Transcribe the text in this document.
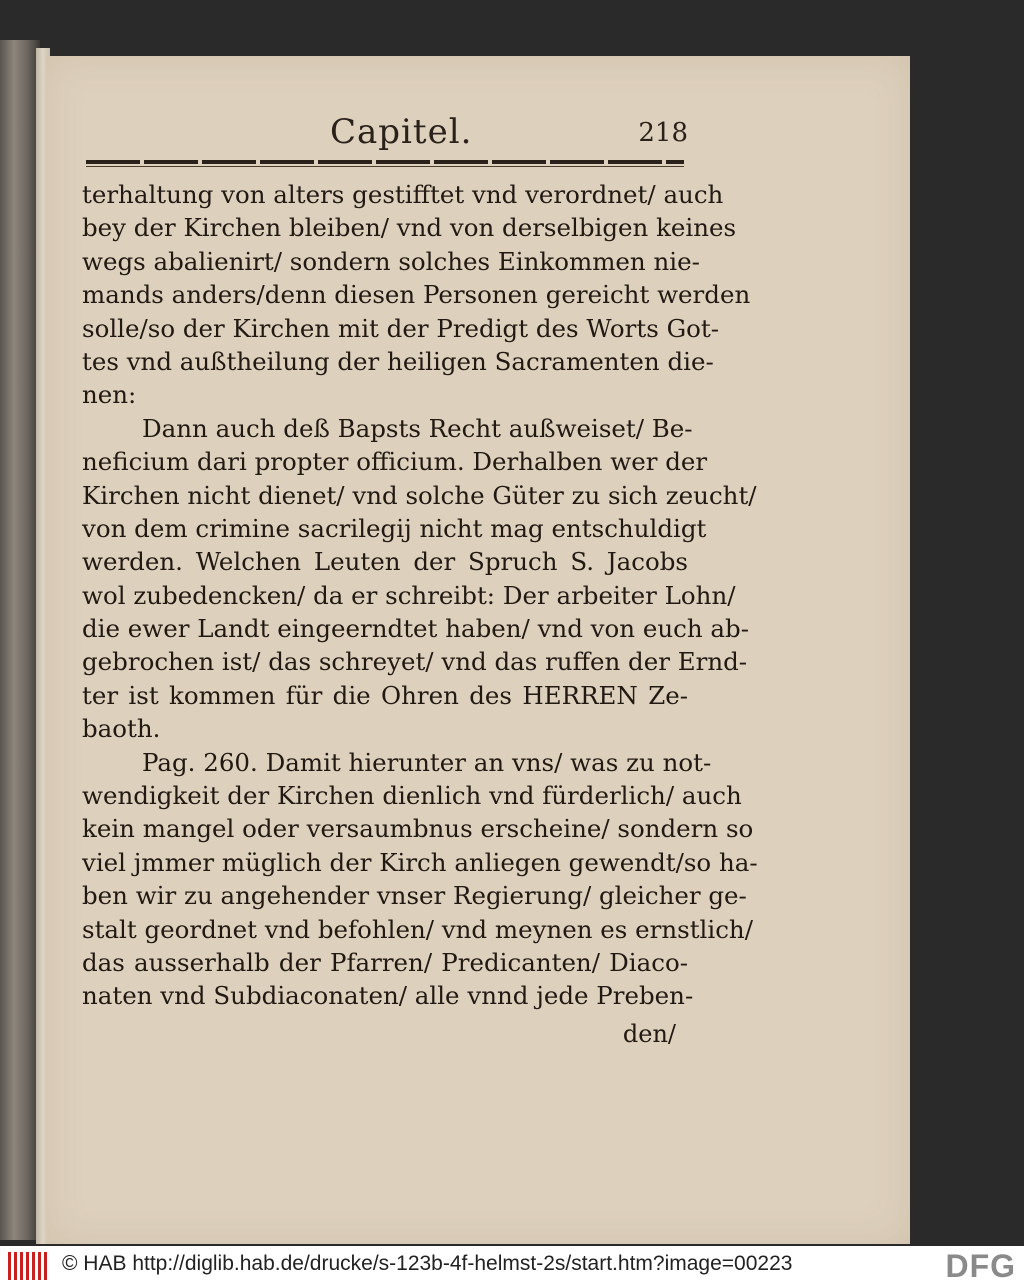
Capitel.	218
terhaltung von alters gestifftet vnd verordnet/ auch
bey der Kirchen bleiben/ vnd von derselbigen keines
wegs abalienirt/ sondern solches Einkommen nie-
mands anders/denn diesen Personen gereicht werden
solle/so der Kirchen mit der Predigt des Worts Got-
tes vnd außtheilung der heiligen Sacramenten die-
nen:
Dann auch deß Bapsts Recht außweiset/ Be-
neficium dari propter officium. Derhalben wer der
Kirchen nicht dienet/ vnd solche Güter zu sich zeucht/
von dem crimine sacrilegij nicht mag entschuldigt
werden. Welchen Leuten der Spruch S. Jacobs
wol zubedencken/ da er schreibt: Der arbeiter Lohn/
die ewer Landt eingeerndtet haben/ vnd von euch ab-
gebrochen ist/ das schreyet/ vnd das ruffen der Ernd-
ter ist kommen für die Ohren des HERREN Ze-
baoth.
Pag. 260. Damit hierunter an vns/ was zu not-
wendigkeit der Kirchen dienlich vnd fürderlich/ auch
kein mangel oder versaumbnus erscheine/ sondern so
viel jmmer müglich der Kirch anliegen gewendt/so ha-
ben wir zu angehender vnser Regierung/ gleicher ge-
stalt geordnet vnd befohlen/ vnd meynen es ernstlich/
das ausserhalb der Pfarren/ Predicanten/ Diaco-
naten vnd Subdiaconaten/ alle vnnd jede Preben-
den/
© HAB http://diglib.hab.de/drucke/s-123b-4f-helmst-2s/start.htm?image=00223	DFG
